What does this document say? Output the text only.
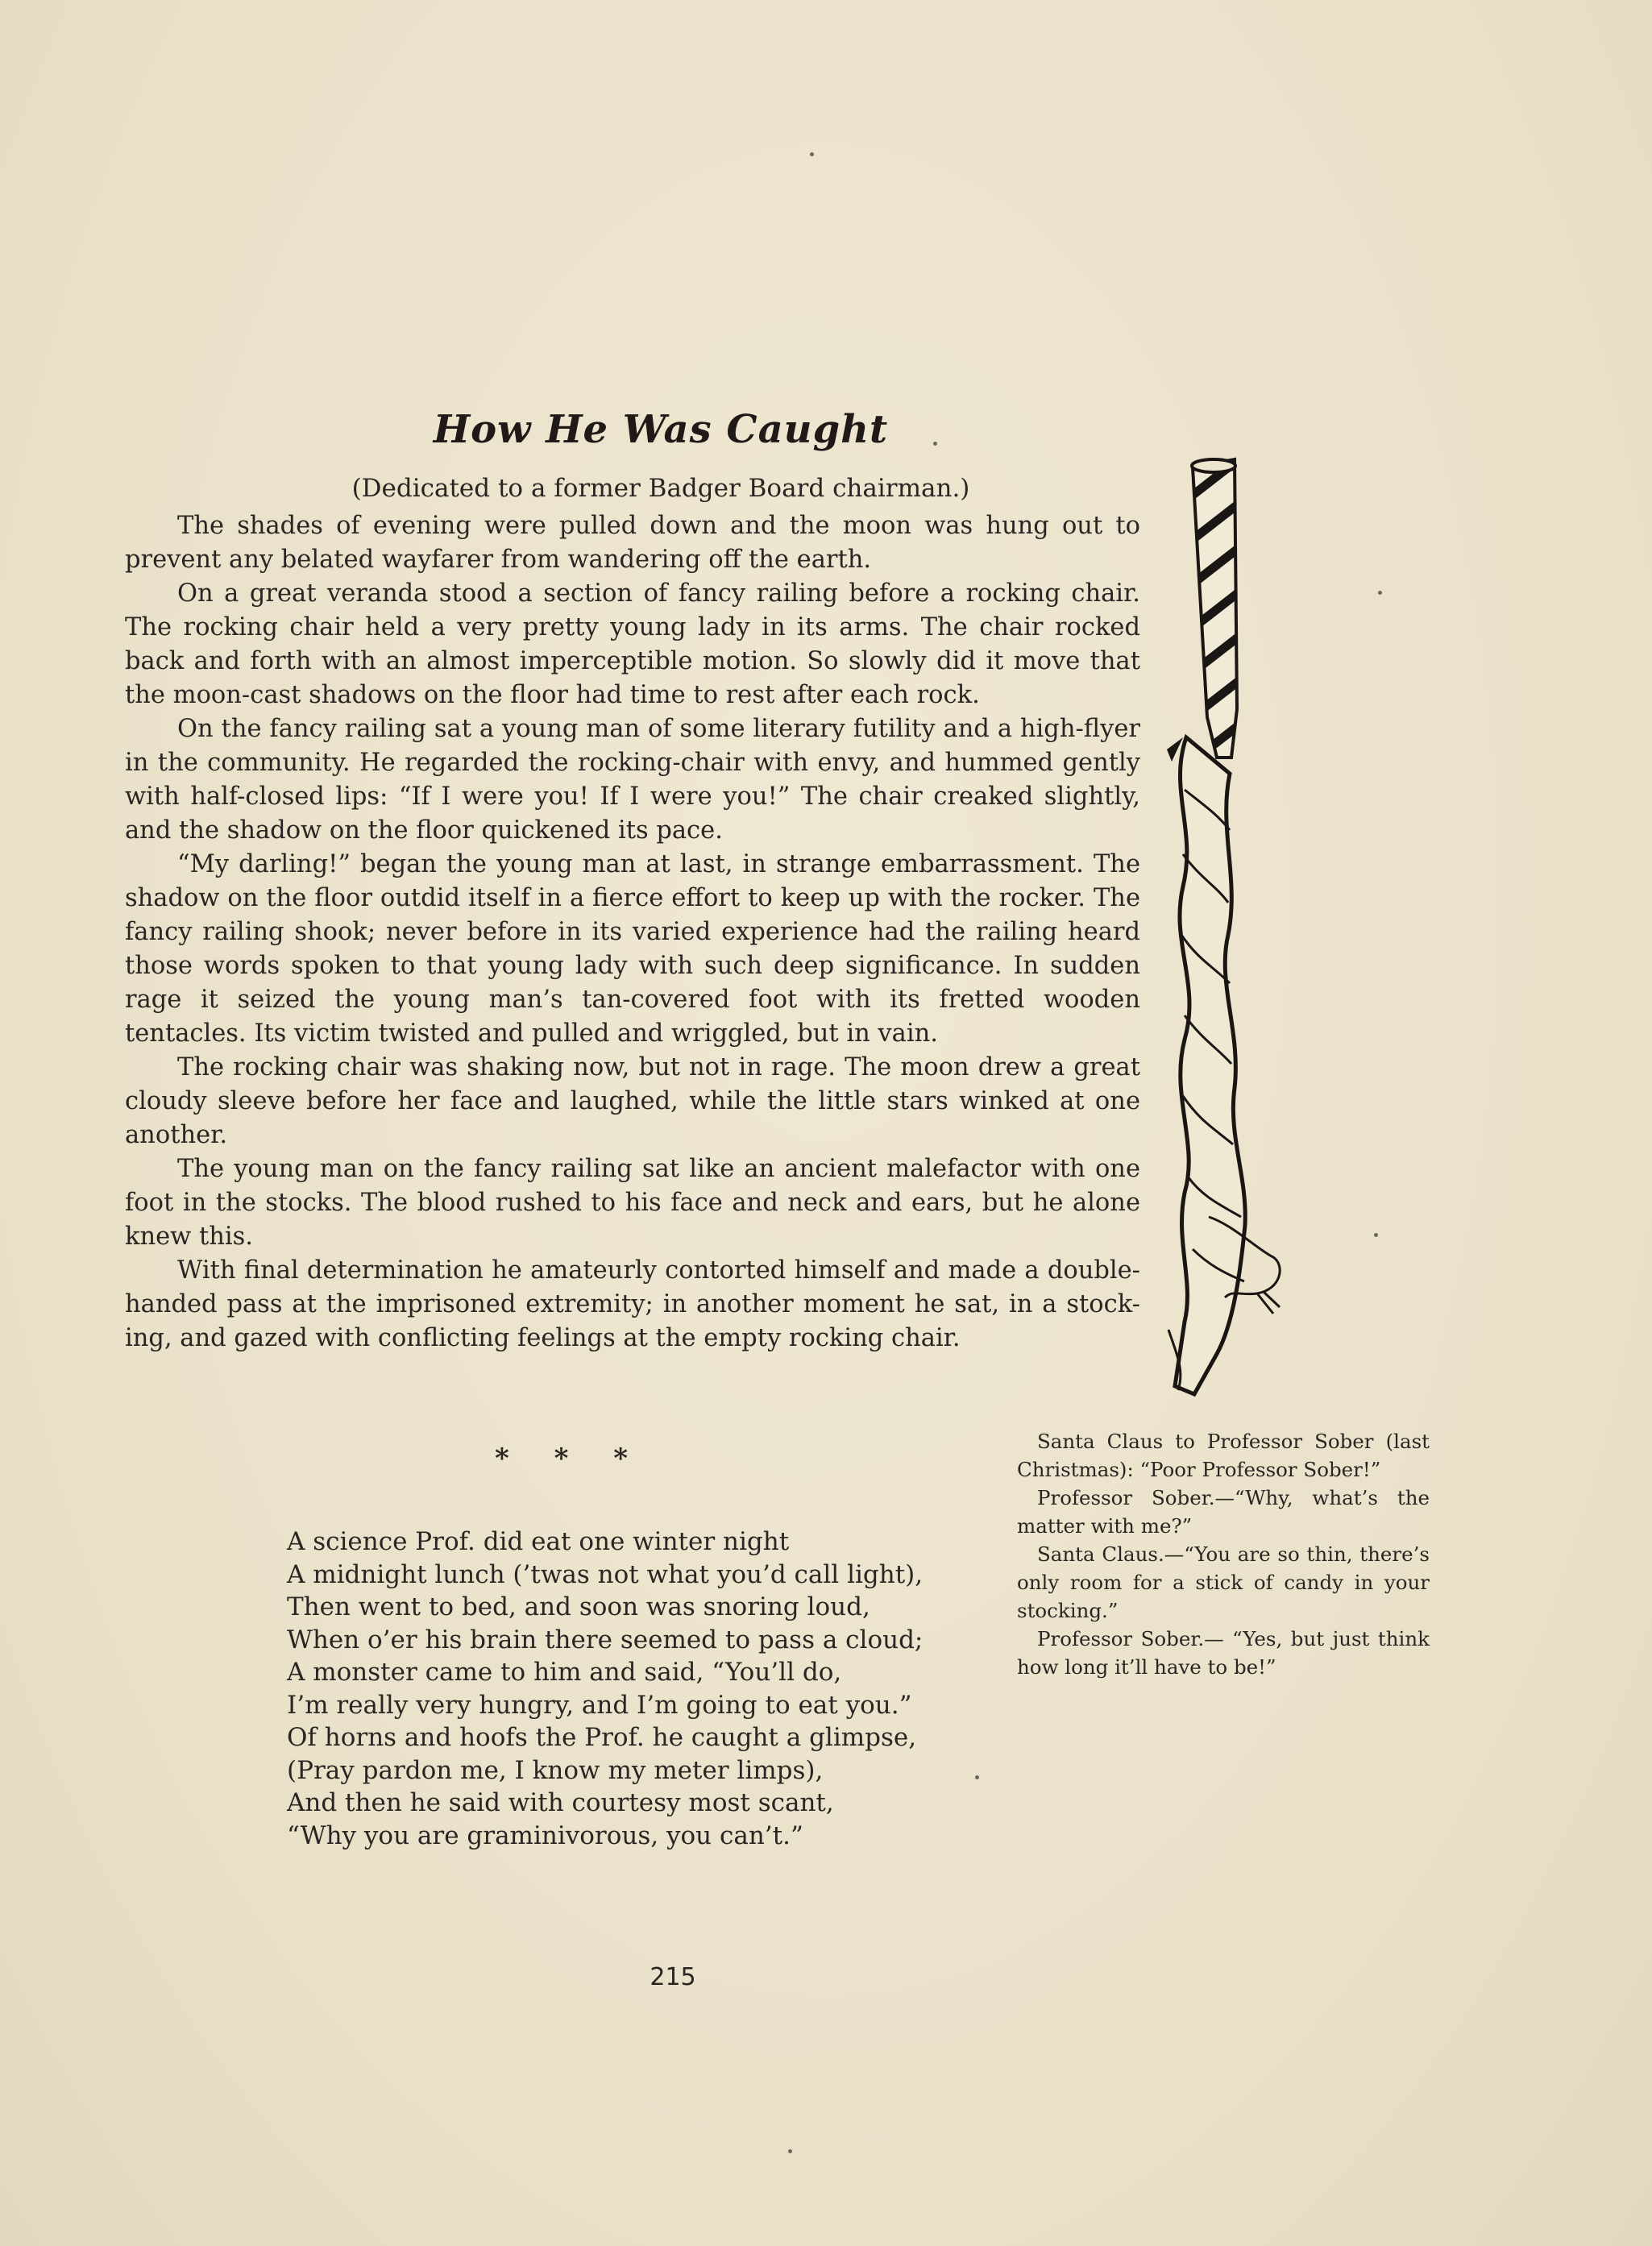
How He Was Caught
(Dedicated to a former Badger Board chairman.)

The shades of evening were pulled down and the moon was hung out to prevent any belated wayfarer from wandering off the earth.

On a great veranda stood a section of fancy railing before a rocking chair. The rocking chair held a very pretty young lady in its arms. The chair rocked back and forth with an almost imperceptible motion. So slowly did it move that the moon-cast shadows on the floor had time to rest after each rock.

On the fancy railing sat a young man of some literary futility and a high-flyer in the community. He regarded the rocking-chair with envy, and hummed gently with half-closed lips: “If I were you! If I were you!” The chair creaked slightly, and the shadow on the floor quickened its pace.

“My darling!” began the young man at last, in strange embarrassment. The shadow on the floor outdid itself in a fierce effort to keep up with the rocker. The fancy railing shook; never before in its varied experience had the railing heard those words spoken to that young lady with such deep significance. In sudden rage it seized the young man’s tan-covered foot with its fretted wooden tentacles. Its victim twisted and pulled and wriggled, but in vain.

The rocking chair was shaking now, but not in rage. The moon drew a great cloudy sleeve before her face and laughed, while the little stars winked at one another.

The young man on the fancy railing sat like an ancient malefactor with one foot in the stocks. The blood rushed to his face and neck and ears, but he alone knew this.

With final determination he amateurly contorted himself and made a double-handed pass at the imprisoned extremity; in another moment he sat, in a stock-ing, and gazed with conflicting feelings at the empty rocking chair.

* * *
A science Prof. did eat one winter night
A midnight lunch (’twas not what you’d call light),
Then went to bed, and soon was snoring loud,
When o’er his brain there seemed to pass a cloud;
A monster came to him and said, “You’ll do,
I’m really very hungry, and I’m going to eat you.”
Of horns and hoofs the Prof. he caught a glimpse,
(Pray pardon me, I know my meter limps),
And then he said with courtesy most scant,
“Why you are graminivorous, you can’t.”

Santa Claus to Professor Sober (last Christmas): “Poor Professor Sober!”

Professor Sober.—“Why, what’s the matter with me?”

Santa Claus.—“You are so thin, there’s only room for a stick of candy in your stocking.”

Professor Sober.— “Yes, but just think how long it’ll have to be!”

215
